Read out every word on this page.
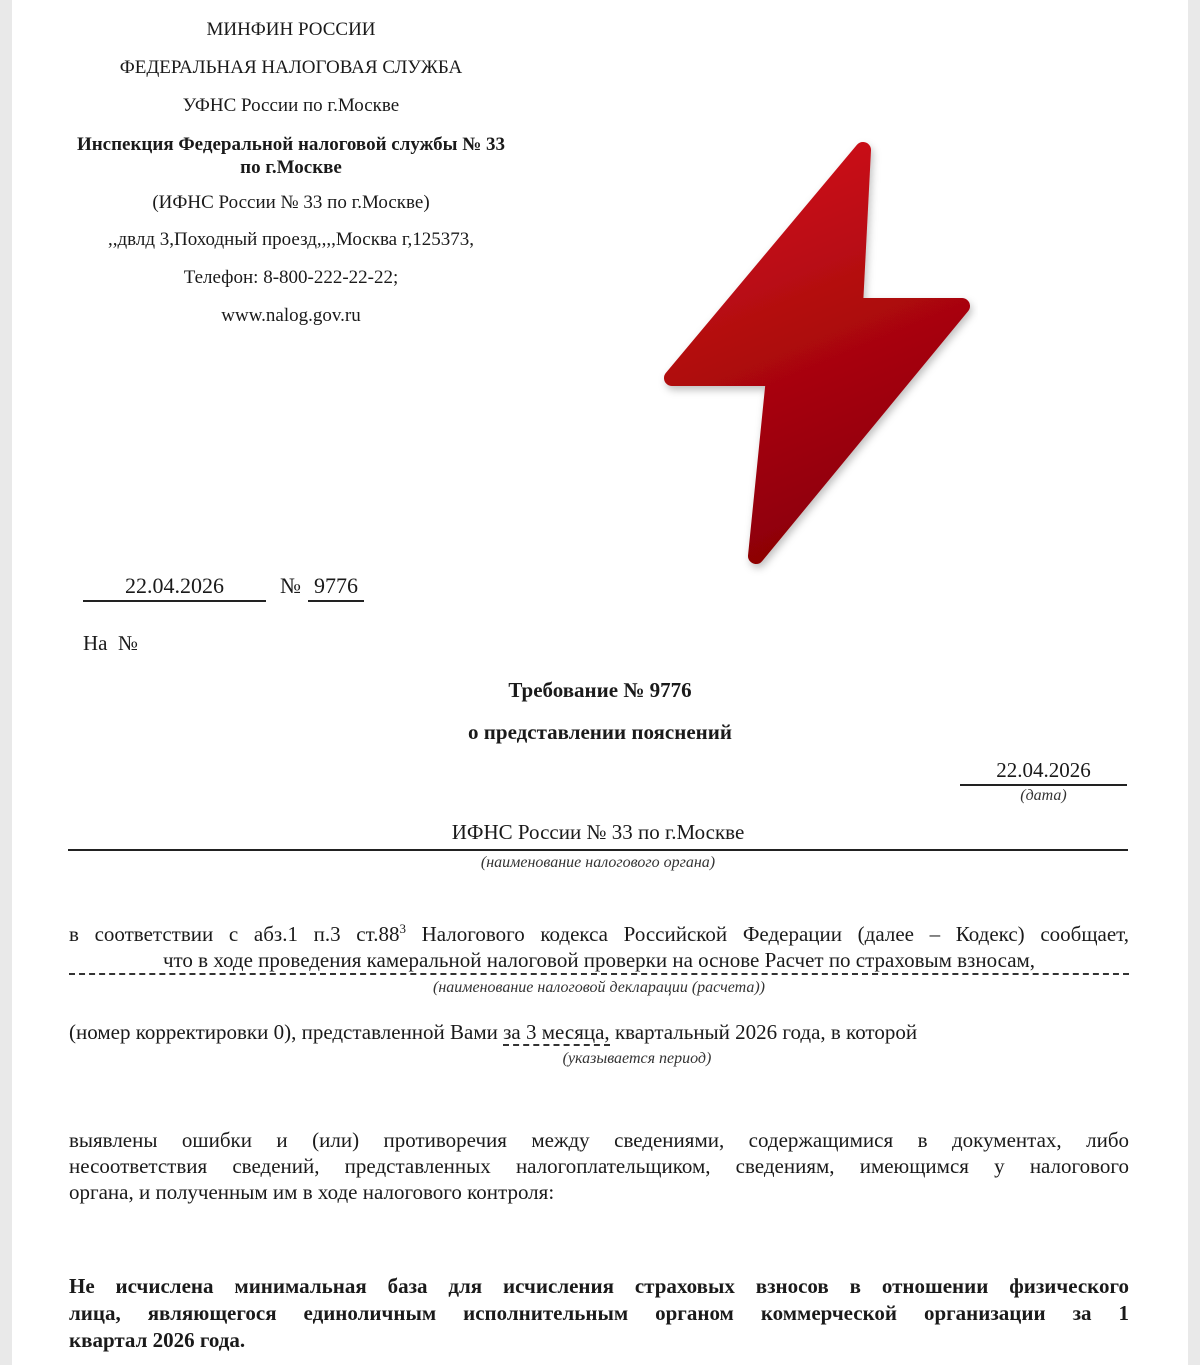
МИНФИН РОССИИ
ФЕДЕРАЛЬНАЯ НАЛОГОВАЯ СЛУЖБА
УФНС России по г.Москве
Инспекция Федеральной налоговой службы № 33
по г.Москве
(ИФНС России № 33 по г.Москве)
,,двлд 3,Походный проезд,,,,Москва г,125373,
Телефон: 8-800-222-22-22;
www.nalog.gov.ru
22.04.2026	№ 9776
На  №
Требование № 9776
о представлении пояснений
22.04.2026
(дата)
ИФНС России № 33 по г.Москве
(наименование налогового органа)
в соответствии с абз.1 п.3 $ст.88^3$ Налогового кодекса Российской Федерации (далее – Кодекс) сообщает,
что в ходе проведения камеральной налоговой проверки на основе Расчет по страховым взносам,
(наименование налоговой декларации (расчета))
(номер корректировки 0), представленной Вами за 3 месяца, квартальный 2026 года, в которой
(указывается период)
выявлены ошибки и (или) противоречия между сведениями, содержащимися в документах, либо
несоответствия сведений, представленных налогоплательщиком, сведениям, имеющимся у налогового
органа, и полученным им в ходе налогового контроля:
Не исчислена минимальная база для исчисления страховых взносов в отношении физического
лица, являющегося единоличным исполнительным органом коммерческой организации за 1
квартал 2026 года.
